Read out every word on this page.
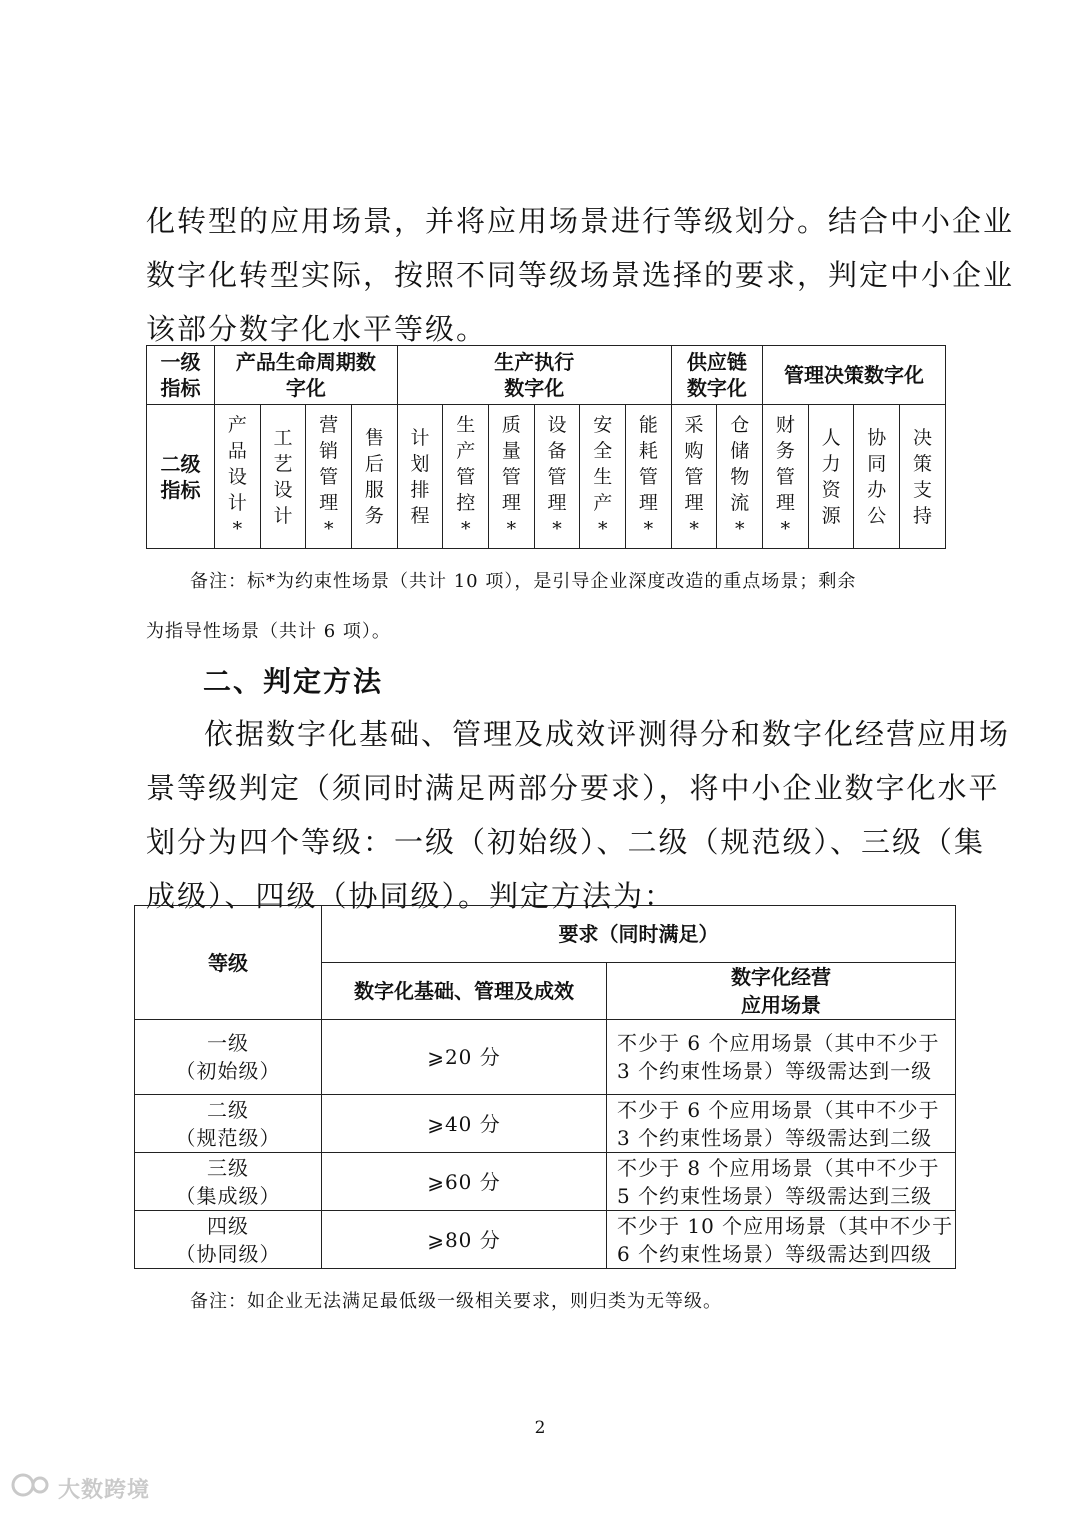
化转型的应用场景，并将应用场景进行等级划分。结合中小企业
数字化转型实际，按照不同等级场景选择的要求，判定中小企业
该部分数字化水平等级。

一级指标	产品生命周期数字化				生产执行数字化						供应链数字化		管理决策数字化			
二级指标	产品设计*	工艺设计	营销管理*	售后服务	计划排程	生产管控*	质量管理*	设备管理*	安全生产*	能耗管理*	采购管理*	仓储物流*	财务管理*	人力资源	协同办公	决策支持

备注：标*为约束性场景（共计 10 项），是引导企业深度改造的重点场景；剩余
为指导性场景（共计 6 项）。

二、判定方法

依据数字化基础、管理及成效评测得分和数字化经营应用场
景等级判定（须同时满足两部分要求），将中小企业数字化水平
划分为四个等级：一级（初始级）、二级（规范级）、三级（集
成级）、四级（协同级）。判定方法为：

等级	要求（同时满足）	
	数字化基础、管理及成效	数字化经营
应用场景
一级
（初始级）	⩾20 分	不少于 6 个应用场景（其中不少于
3 个约束性场景）等级需达到一级
二级
（规范级）	⩾40 分	不少于 6 个应用场景（其中不少于
3 个约束性场景）等级需达到二级
三级
（集成级）	⩾60 分	不少于 8 个应用场景（其中不少于
5 个约束性场景）等级需达到三级
四级
（协同级）	⩾80 分	不少于 10 个应用场景（其中不少于
6 个约束性场景）等级需达到四级

备注：如企业无法满足最低级一级相关要求，则归类为无等级。

2
大数跨境
